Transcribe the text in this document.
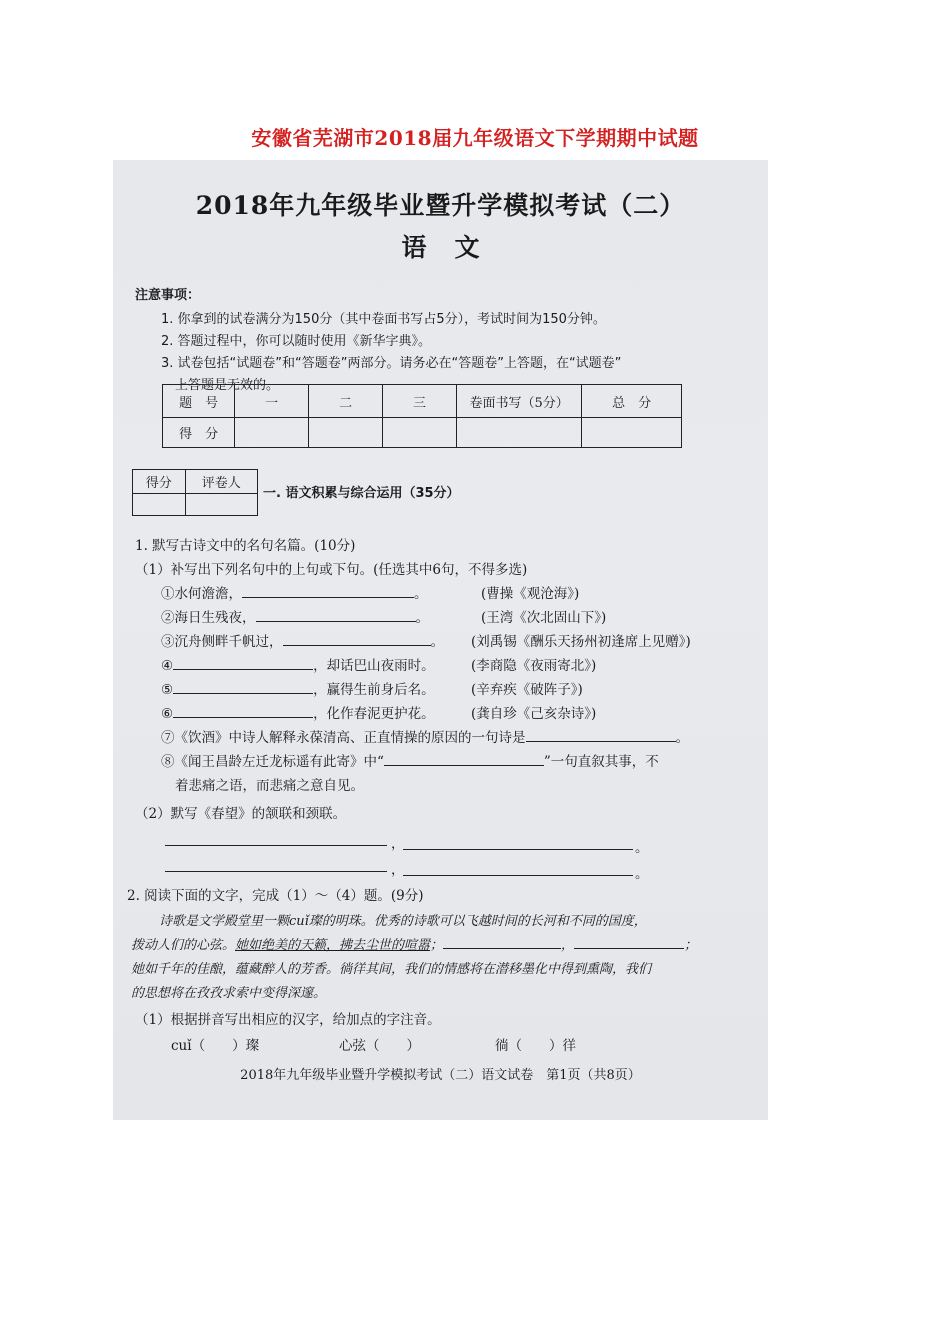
安徽省芜湖市2018届九年级语文下学期期中试题
2018年九年级毕业暨升学模拟考试（二）
语文
注意事项：
1. 你拿到的试卷满分为150分（其中卷面书写占5分），考试时间为150分钟。
2. 答题过程中，你可以随时使用《新华字典》。
3. 试卷包括“试题卷”和“答题卷”两部分。请务必在“答题卷”上答题，在“试题卷”
上答题是无效的。
题　号	一	二	三	卷面书写（5分）	总　分
得　分					
得分	评卷人

一. 语文积累与综合运用（35分）
1. 默写古诗文中的名句名篇。(10分)
（1）补写出下列名句中的上句或下句。(任选其中6句，不得多选)
①水何澹澹，	。	(曹操《观沧海》)
②海日生残夜，	。	(王湾《次北固山下》)
③沉舟侧畔千帆过，	。 (刘禹锡《酬乐天扬州初逢席上见赠》)
④	，却话巴山夜雨时。	(李商隐《夜雨寄北》)
⑤	，赢得生前身后名。	(辛弃疾《破阵子》)
⑥	，化作春泥更护花。	(龚自珍《己亥杂诗》)
⑦《饮酒》中诗人解释永葆清高、正直情操的原因的一句诗是	。
⑧《闻王昌龄左迁龙标遥有此寄》中“	”一句直叙其事，不
着悲痛之语，而悲痛之意自见。
（2）默写《春望》的颔联和颈联。
，	。
，	。
2. 阅读下面的文字，完成（1）～（4）题。(9分)
诗歌是文学殿堂里一颗cuǐ璨的明珠。优秀的诗歌可以飞越时间的长河和不同的国度，
拨动人们的心弦。她如绝美的天籁，拂去尘世的喧嚣；	，	；
她如千年的佳酿，蕴藏醉人的芳香。徜徉其间，我们的情感将在潜移墨化中得到熏陶，我们
的思想将在孜孜求索中变得深邃。
（1）根据拼音写出相应的汉字，给加点的字注音。
cuǐ（　　）璨	心弦（　　）	徜（　　）徉
2018年九年级毕业暨升学模拟考试（二）语文试卷　第1页（共8页）
